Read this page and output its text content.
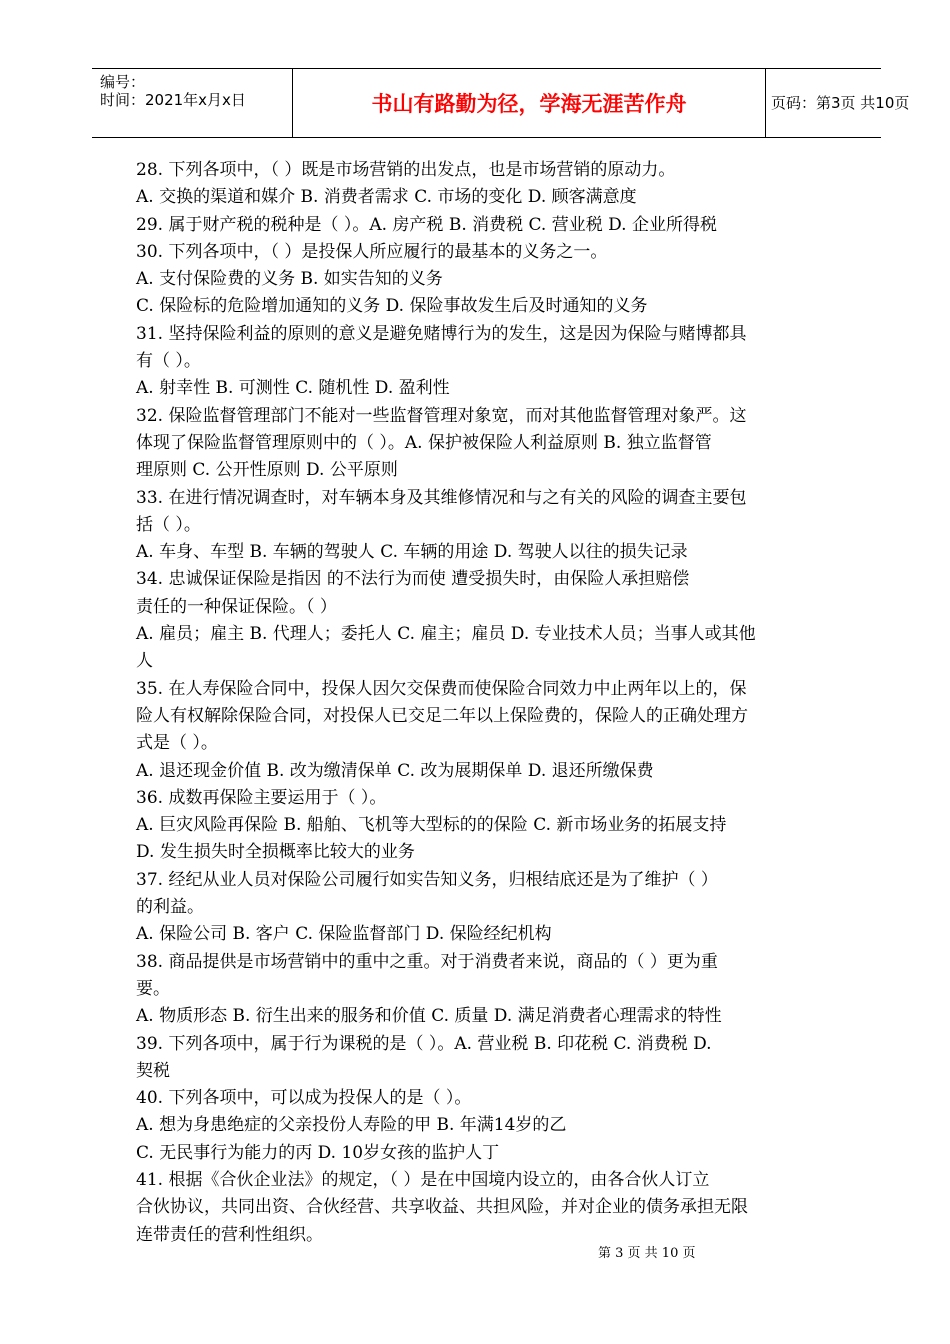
编号：
时间：2021年x月x日	书山有路勤为径，学海无涯苦作舟	页码：第3页 共10页

28. 下列各项中，（ ）既是市场营销的出发点，也是市场营销的原动力。

A. 交换的渠道和媒介 B. 消费者需求 C. 市场的变化 D. 顾客满意度

29. 属于财产税的税种是（ ）。A. 房产税 B. 消费税 C. 营业税 D. 企业所得税

30. 下列各项中，（ ）是投保人所应履行的最基本的义务之一。

A. 支付保险费的义务 B. 如实告知的义务

C. 保险标的危险增加通知的义务 D. 保险事故发生后及时通知的义务

31. 坚持保险利益的原则的意义是避免赌博行为的发生，这是因为保险与赌博都具

有（ ）。

A. 射幸性 B. 可测性 C. 随机性 D. 盈利性

32. 保险监督管理部门不能对一些监督管理对象宽，而对其他监督管理对象严。这

体现了保险监督管理原则中的（ ）。A. 保护被保险人利益原则 B. 独立监督管

理原则 C. 公开性原则 D. 公平原则

33. 在进行情况调查时，对车辆本身及其维修情况和与之有关的风险的调查主要包

括（ ）。

A. 车身、车型 B. 车辆的驾驶人 C. 车辆的用途 D. 驾驶人以往的损失记录

34. 忠诚保证保险是指因 的不法行为而使 遭受损失时，由保险人承担赔偿

责任的一种保证保险。（ ）

A. 雇员；雇主 B. 代理人；委托人 C. 雇主；雇员 D. 专业技术人员；当事人或其他

人

35. 在人寿保险合同中，投保人因欠交保费而使保险合同效力中止两年以上的，保

险人有权解除保险合同，对投保人已交足二年以上保险费的，保险人的正确处理方

式是（ ）。

A. 退还现金价值 B. 改为缴清保单 C. 改为展期保单 D. 退还所缴保费

36. 成数再保险主要运用于（ ）。

A. 巨灾风险再保险 B. 船舶、飞机等大型标的的保险 C. 新市场业务的拓展支持

D. 发生损失时全损概率比较大的业务

37. 经纪从业人员对保险公司履行如实告知义务，归根结底还是为了维护（ ）

的利益。

A. 保险公司 B. 客户 C. 保险监督部门 D. 保险经纪机构

38. 商品提供是市场营销中的重中之重。对于消费者来说，商品的（ ）更为重

要。

A. 物质形态 B. 衍生出来的服务和价值 C. 质量 D. 满足消费者心理需求的特性

39. 下列各项中，属于行为课税的是（ ）。A. 营业税 B. 印花税 C. 消费税 D.

契税

40. 下列各项中，可以成为投保人的是（ ）。

A. 想为身患绝症的父亲投份人寿险的甲 B. 年满14岁的乙

C. 无民事行为能力的丙 D. 10岁女孩的监护人丁

41. 根据《合伙企业法》的规定，（ ）是在中国境内设立的，由各合伙人订立

合伙协议，共同出资、合伙经营、共享收益、共担风险，并对企业的债务承担无限

连带责任的营利性组织。

第 3 页 共 10 页
